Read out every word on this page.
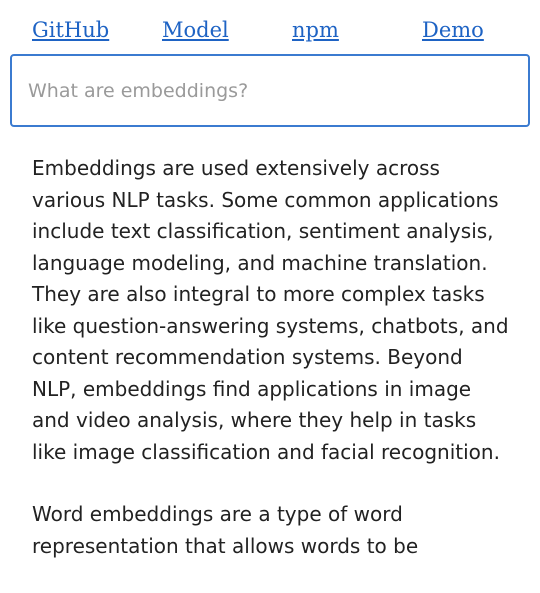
GitHub	Model	npm	Demo
What are embeddings?

Embeddings are used extensively across various NLP tasks. Some common applications include text classification, sentiment analysis, language modeling, and machine translation. They are also integral to more complex tasks like question-answering systems, chatbots, and content recommendation systems. Beyond NLP, embeddings find applications in image and video analysis, where they help in tasks like image classification and facial recognition.

Word embeddings are a type of word representation that allows words to be
